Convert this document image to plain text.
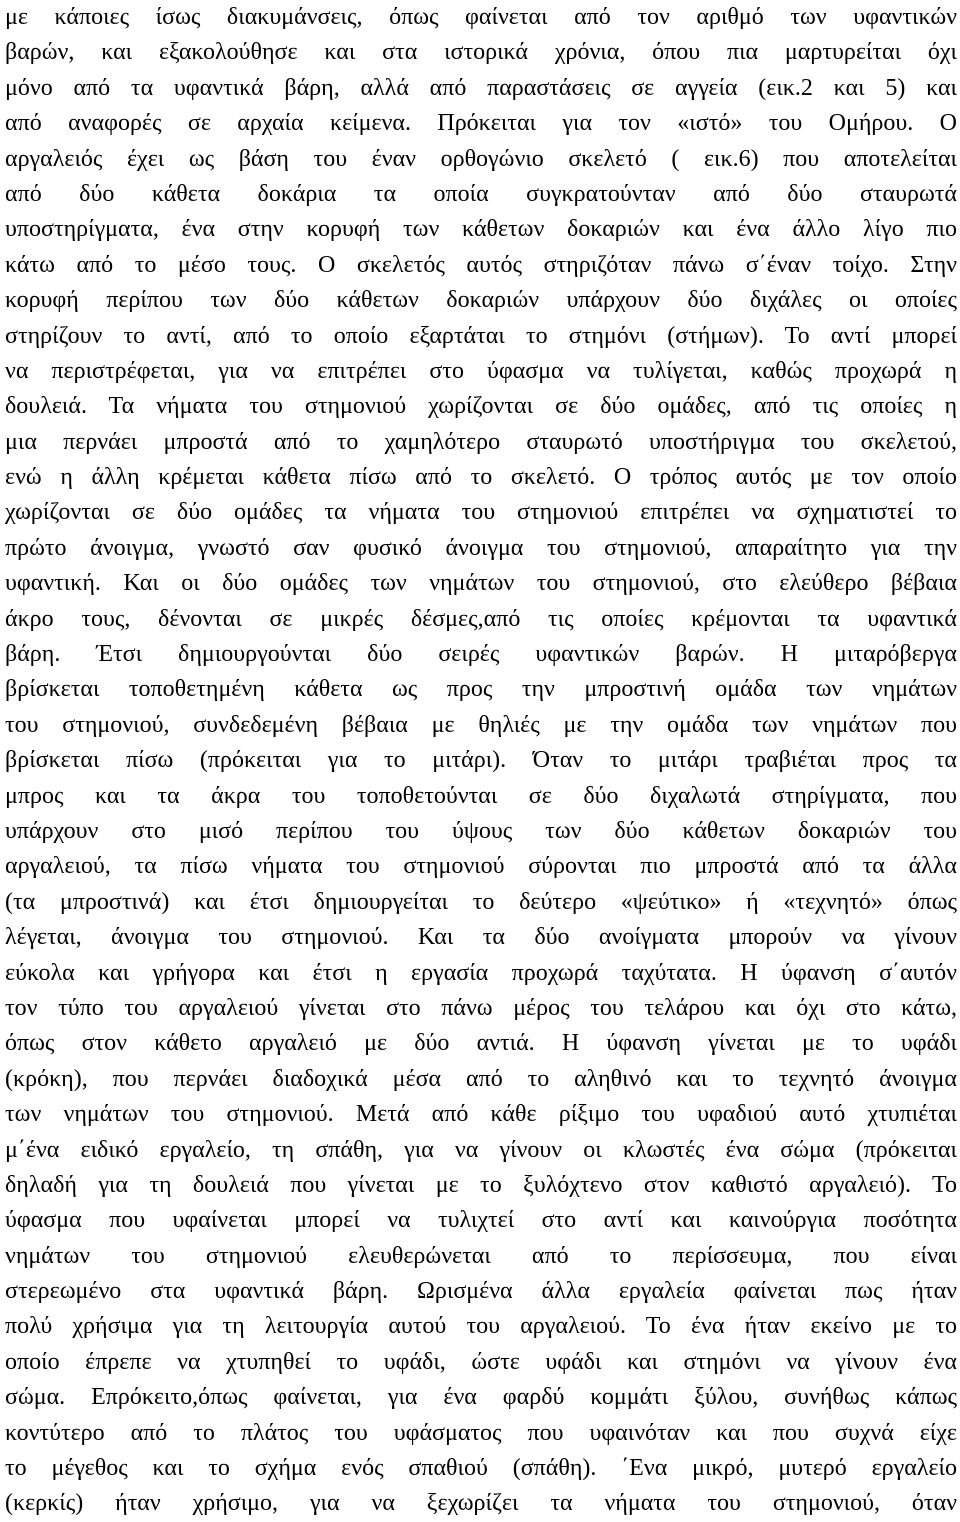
με κάποιες ίσως διακυμάνσεις, όπως φαίνεται από τον αριθμό των υφαντικών
βαρών, και εξακολούθησε και στα ιστορικά χρόνια, όπου πια μαρτυρείται όχι
μόνο από τα υφαντικά βάρη, αλλά από παραστάσεις σε αγγεία (εικ.2 και 5) και
από αναφορές σε αρχαία κείμενα. Πρόκειται για τον «ιστό» του Ομήρου. Ο
αργαλειός έχει ως βάση του έναν ορθογώνιο σκελετό ( εικ.6) που αποτελείται
από δύο κάθετα δοκάρια τα οποία συγκρατούνταν από δύο σταυρωτά
υποστηρίγματα, ένα στην κορυφή των κάθετων δοκαριών και ένα άλλο λίγο πιο
κάτω από το μέσο τους. Ο σκελετός αυτός στηριζόταν πάνω σ΄έναν τοίχο. Στην
κορυφή περίπου των δύο κάθετων δοκαριών υπάρχουν δύο διχάλες οι οποίες
στηρίζουν το αντί, από το οποίο εξαρτάται το στημόνι (στήμων). Το αντί μπορεί
να περιστρέφεται, για να επιτρέπει στο ύφασμα να τυλίγεται, καθώς προχωρά η
δουλειά. Τα νήματα του στημονιού χωρίζονται σε δύο ομάδες, από τις οποίες η
μια περνάει μπροστά από το χαμηλότερο σταυρωτό υποστήριγμα του σκελετού,
ενώ η άλλη κρέμεται κάθετα πίσω από το σκελετό. Ο τρόπος αυτός με τον οποίο
χωρίζονται σε δύο ομάδες τα νήματα του στημονιού επιτρέπει να σχηματιστεί το
πρώτο άνοιγμα, γνωστό σαν φυσικό άνοιγμα του στημονιού, απαραίτητο για την
υφαντική. Και οι δύο ομάδες των νημάτων του στημονιού, στο ελεύθερο βέβαια
άκρο τους, δένονται σε μικρές δέσμες,από τις οποίες κρέμονται τα υφαντικά
βάρη. Έτσι δημιουργούνται δύο σειρές υφαντικών βαρών. Η μιταρόβεργα
βρίσκεται τοποθετημένη κάθετα ως προς την μπροστινή ομάδα των νημάτων
του στημονιού, συνδεδεμένη βέβαια με θηλιές με την ομάδα των νημάτων που
βρίσκεται πίσω (πρόκειται για το μιτάρι). Όταν το μιτάρι τραβιέται προς τα
μπρος και τα άκρα του τοποθετούνται σε δύο διχαλωτά στηρίγματα, που
υπάρχουν στο μισό περίπου του ύψους των δύο κάθετων δοκαριών του
αργαλειού, τα πίσω νήματα του στημονιού σύρονται πιο μπροστά από τα άλλα
(τα μπροστινά) και έτσι δημιουργείται το δεύτερο «ψεύτικο» ή «τεχνητό» όπως
λέγεται, άνοιγμα του στημονιού. Και τα δύο ανοίγματα μπορούν να γίνουν
εύκολα και γρήγορα και έτσι η εργασία προχωρά ταχύτατα. Η ύφανση σ΄αυτόν
τον τύπο του αργαλειού γίνεται στο πάνω μέρος του τελάρου και όχι στο κάτω,
όπως στον κάθετο αργαλειό με δύο αντιά. Η ύφανση γίνεται με το υφάδι
(κρόκη), που περνάει διαδοχικά μέσα από το αληθινό και το τεχνητό άνοιγμα
των νημάτων του στημονιού. Μετά από κάθε ρίξιμο του υφαδιού αυτό χτυπιέται
μ΄ένα ειδικό εργαλείο, τη σπάθη, για να γίνουν οι κλωστές ένα σώμα (πρόκειται
δηλαδή για τη δουλειά που γίνεται με το ξυλόχτενο στον καθιστό αργαλειό). Το
ύφασμα που υφαίνεται μπορεί να τυλιχτεί στο αντί και καινούργια ποσότητα
νημάτων του στημονιού ελευθερώνεται από το περίσσευμα, που είναι
στερεωμένο στα υφαντικά βάρη. Ωρισμένα άλλα εργαλεία φαίνεται πως ήταν
πολύ χρήσιμα για τη λειτουργία αυτού του αργαλειού. Το ένα ήταν εκείνο με το
οποίο έπρεπε να χτυπηθεί το υφάδι, ώστε υφάδι και στημόνι να γίνουν ένα
σώμα. Επρόκειτο,όπως φαίνεται, για ένα φαρδύ κομμάτι ξύλου, συνήθως κάπως
κοντύτερο από το πλάτος του υφάσματος που υφαινόταν και που συχνά είχε
το μέγεθος και το σχήμα ενός σπαθιού (σπάθη). ΄Ενα μικρό, μυτερό εργαλείο
(κερκίς) ήταν χρήσιμο, για να ξεχωρίζει τα νήματα του στημονιού, όταν
